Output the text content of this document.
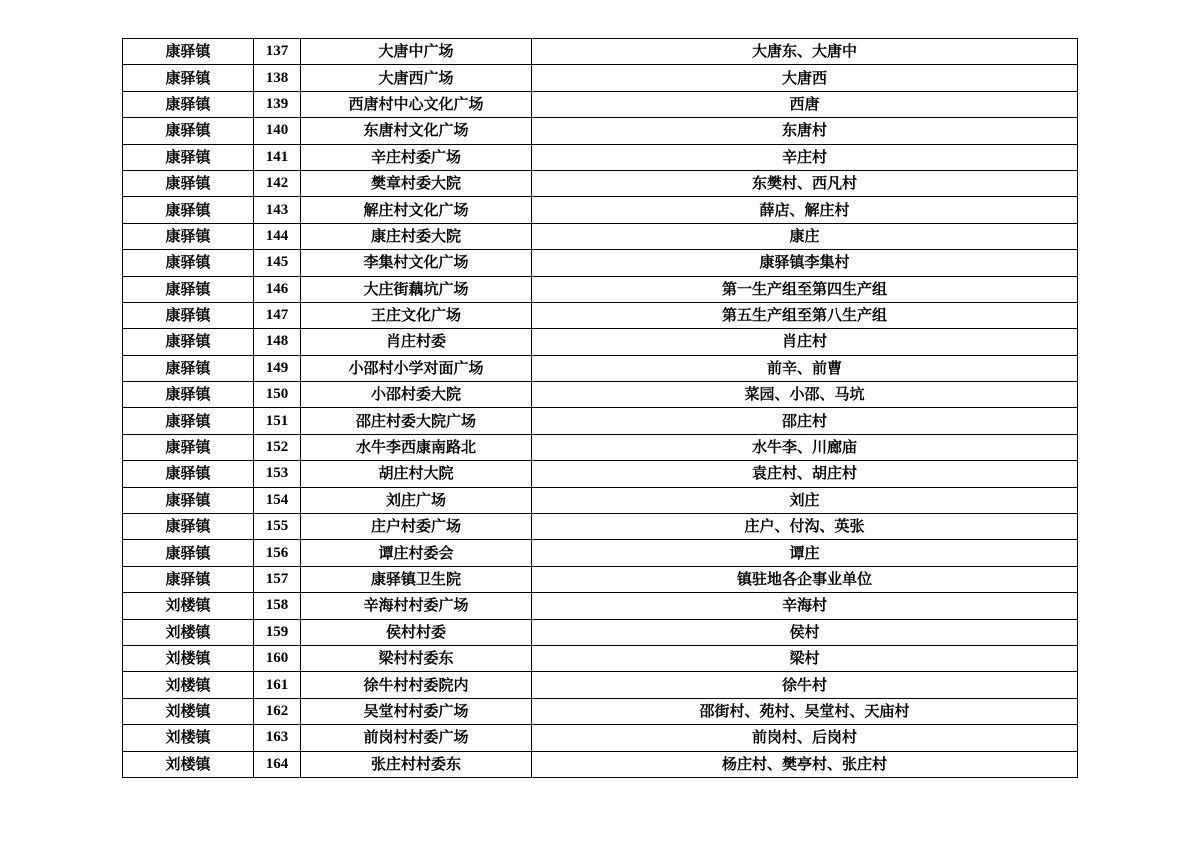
康驿镇	137	大唐中广场	大唐东、大唐中
康驿镇	138	大唐西广场	大唐西
康驿镇	139	西唐村中心文化广场	西唐
康驿镇	140	东唐村文化广场	东唐村
康驿镇	141	辛庄村委广场	辛庄村
康驿镇	142	樊章村委大院	东樊村、西凡村
康驿镇	143	解庄村文化广场	薛店、解庄村
康驿镇	144	康庄村委大院	康庄
康驿镇	145	李集村文化广场	康驿镇李集村
康驿镇	146	大庄街藕坑广场	第一生产组至第四生产组
康驿镇	147	王庄文化广场	第五生产组至第八生产组
康驿镇	148	肖庄村委	肖庄村
康驿镇	149	小邵村小学对面广场	前辛、前曹
康驿镇	150	小邵村委大院	菜园、小邵、马坑
康驿镇	151	邵庄村委大院广场	邵庄村
康驿镇	152	水牛李西康南路北	水牛李、川廊庙
康驿镇	153	胡庄村大院	袁庄村、胡庄村
康驿镇	154	刘庄广场	刘庄
康驿镇	155	庄户村委广场	庄户、付沟、英张
康驿镇	156	谭庄村委会	谭庄
康驿镇	157	康驿镇卫生院	镇驻地各企事业单位
刘楼镇	158	辛海村村委广场	辛海村
刘楼镇	159	侯村村委	侯村
刘楼镇	160	梁村村委东	梁村
刘楼镇	161	徐牛村村委院内	徐牛村
刘楼镇	162	吴堂村村委广场	邵街村、苑村、吴堂村、天庙村
刘楼镇	163	前岗村村委广场	前岗村、后岗村
刘楼镇	164	张庄村村委东	杨庄村、樊亭村、张庄村
